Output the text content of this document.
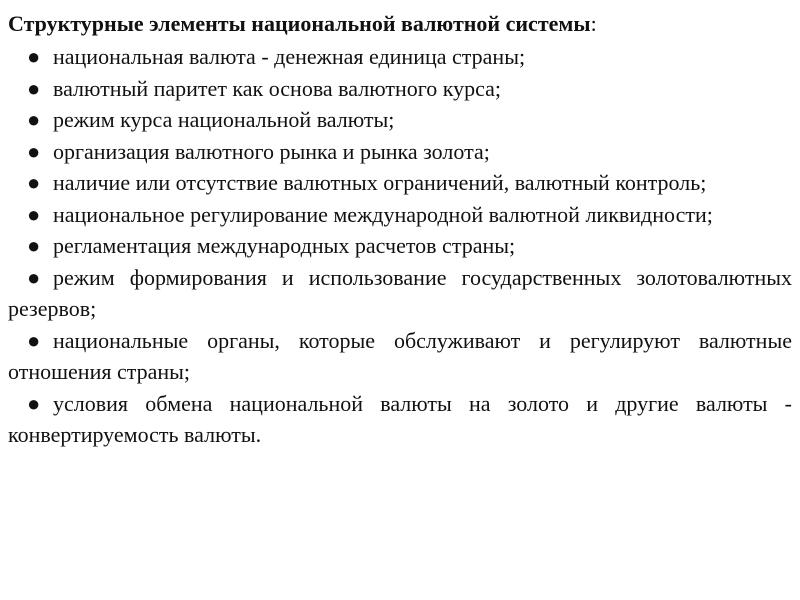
Структурные элементы национальной валютной системы:

● национальная валюта - денежная единица страны;
● валютный паритет как основа валютного курса;
● режим курса национальной валюты;
● организация валютного рынка и рынка золота;
● наличие или отсутствие валютных ограничений, валютный контроль;
● национальное регулирование международной валютной ликвидности;
● регламентация международных расчетов страны;
● режим формирования и использование государственных золотовалютных резервов;
● национальные органы, которые обслуживают и регулируют валютные отношения страны;
● условия обмена национальной валюты на золото и другие валюты - конвертируемость валюты.
